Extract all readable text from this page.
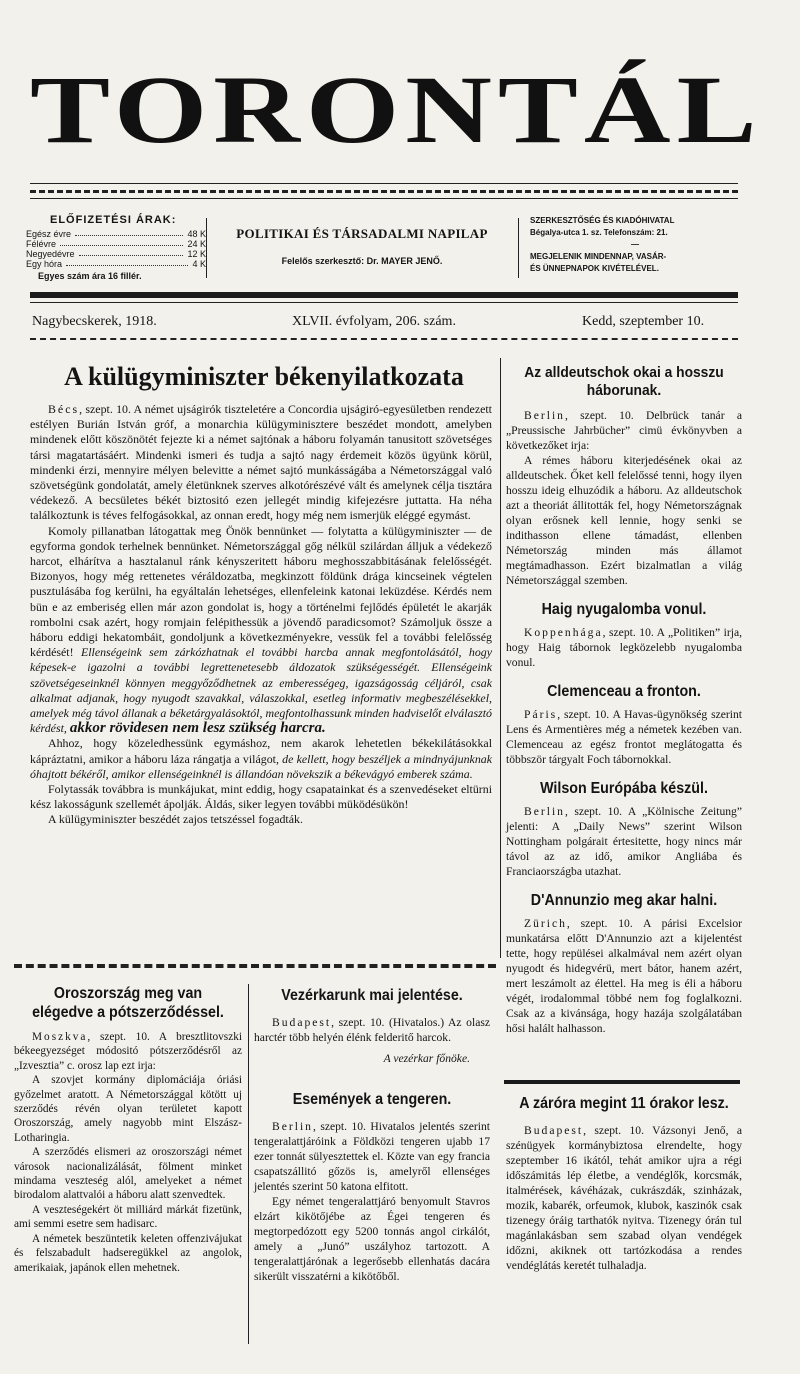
TORONTÁL
ELŐFIZETÉSI ÁRAK:
Egész évre	48 K
Félévre	24 K
Negyedévre	12 K
Egy hóra	4 K
Egyes szám ára 16 fillér.
POLITIKAI ÉS TÁRSADALMI NAPILAP
Felelős szerkesztő: Dr. MAYER JENŐ.
SZERKESZTŐSÉG ÉS KIADÓHIVATAL
Bégalya-utca 1. sz. Telefonszám: 21.
—
MEGJELENIK MINDENNAP, VASÁR-
ÉS ÜNNEPNAPOK KIVÉTELÉVEL.
Nagybecskerek, 1918.	XLVII. évfolyam, 206. szám.	Kedd, szeptember 10.
A külügyminiszter békenyilatkozata

Bécs, szept. 10. A német ujságirók tiszteletére a Concordia ujságiró-egyesületben rendezett estélyen Burián István gróf, a monarchia külügyminisztere beszédet mondott, amelyben mindenek előtt köszönötét fejezte ki a német sajtónak a háboru folyamán tanusitott szövetséges társi magatartásáért. Mindenki ismeri és tudja a sajtó nagy érdemeit közös ügyünk körül, mindenki érzi, mennyire mélyen belevitte a német sajtó munkásságába a Németországgal való szövetségünk gondolatát, amely életünknek szerves alkotórészévé vált és amelynek célja tisztára védekező. A becsületes békét biztositó ezen jellegét mindig kifejezésre juttatta. Ha néha találkoztunk is téves felfogásokkal, az onnan eredt, hogy még nem ismerjük eléggé egymást.

Komoly pillanatban látogattak meg Önök bennünket — folytatta a külügyminiszter — de egyforma gondok terhelnek bennünket. Németországgal gőg nélkül szilárdan álljuk a védekező harcot, elhárítva a hasztalanul ránk kényszeritett háboru meghosszabbitásának felelősségét. Bizonyos, hogy még rettenetes véráldozatba, megkinzott földünk drága kincseinek végtelen pusztulásába fog kerülni, ha egyáltalán lehetséges, ellenfeleink katonai leküzdése. Kérdés nem bün e az emberiség ellen már azon gondolat is, hogy a történelmi fejlődés épületét le akarják rombolni csak azért, hogy romjain felépithessük a jövendő paradicsomot? Számoljuk össze a háboru eddigi hekatombáit, gondoljunk a következményekre, vessük fel a további felelősség kérdését! Ellenségeink sem zárkózhatnak el további harcba annak megfontolásától, hogy képesek-e igazolni a további legrettenetesebb áldozatok szükségességét. Ellenségeink szövetségeseinknél könnyen meggyőződhetnek az emberességeg, igazságosság céljáról, csak alkalmat adjanak, hogy nyugodt szavakkal, válaszokkal, esetleg informativ megbeszélésekkel, amelyek még távol állanak a béketárgyalásoktól, megfontolhassunk minden hadviselőt elválasztó kérdést, akkor rövidesen nem lesz szükség harcra.

Ahhoz, hogy közeledhessünk egymáshoz, nem akarok lehetetlen békekilátásokkal kápráztatni, amikor a háboru láza rángatja a világot, de kellett, hogy beszéljek a mindnyájunknak óhajtott békéről, amikor ellenségeinknél is állandóan növekszik a békevágyó emberek száma.

Folytassák továbbra is munkájukat, mint eddig, hogy csapatainkat és a szenvedéseket eltürni kész lakosságunk szellemét ápolják. Áldás, siker legyen további müködésükön!

A külügyminiszter beszédét zajos tetszéssel fogadták.

Az alldeutschok okai a hosszu háborunak.

Berlin, szept. 10. Delbrück tanár a „Preussische Jahrbücher” cimü évkönyvben a következőket irja:

A rémes háboru kiterjedésének okai az alldeutschek. Őket kell felelőssé tenni, hogy ilyen hosszu ideig elhuzódik a háboru. Az alldeutschok azt a theoriát állitották fel, hogy Németországnak olyan erősnek kell lennie, hogy senki se indithasson ellene támadást, ellenben Németország minden más államot megtámadhasson. Ezért bizalmatlan a világ Németországgal szemben.

Haig nyugalomba vonul.

Koppenhága, szept. 10. A „Politiken” irja, hogy Haig tábornok legközelebb nyugalomba vonul.

Clemenceau a fronton.

Páris, szept. 10. A Havas-ügynökség szerint Lens és Armentières még a németek kezében van. Clemenceau az egész frontot meglátogatta és többször tárgyalt Foch tábornokkal.

Wilson Európába készül.

Berlin, szept. 10. A „Kölnische Zeitung” jelenti: A „Daily News” szerint Wilson Nottingham polgárait értesitette, hogy nincs már távol az az idő, amikor Angliába és Franciaországba utazhat.

D'Annunzio meg akar halni.

Zürich, szept. 10. A párisi Excelsior munkatársa előtt D'Annunzio azt a kijelentést tette, hogy repülései alkalmával nem azért olyan nyugodt és hidegvérü, mert bátor, hanem azért, mert leszámolt az élettel. Ha meg is éli a háboru végét, irodalommal többé nem fog foglalkozni. Csak az a kivánsága, hogy hazája szolgálatában hősi halált halhasson.

Oroszország meg van elégedve a pótszerződéssel.

Moszkva, szept. 10. A bresztlitovszki békeegyezséget módositó pótszerződésről az „Izvesztia” c. orosz lap ezt irja:

A szovjet kormány diplomáciája óriási győzelmet aratott. A Németországgal kötött uj szerződés révén olyan területet kapott Oroszország, amely nagyobb mint Elszász-Lotharingia.

A szerződés elismeri az oroszországi német városok nacionalizálását, fölment minket mindama veszteség alól, amelyeket a német birodalom alattvalói a háboru alatt szenvedtek.

A veszteségekért öt milliárd márkát fizetünk, ami semmi esetre sem hadisarc.

A németek beszüntetik keleten offenzivájukat és felszabadult hadseregükkel az angolok, amerikaiak, japánok ellen mehetnek.

Vezérkarunk mai jelentése.

Budapest, szept. 10. (Hivatalos.) Az olasz harctér több helyén élénk felderitő harcok.

A vezérkar főnöke.
Események a tengeren.

Berlin, szept. 10. Hivatalos jelentés szerint tengeralattjáróink a Földközi tengeren ujabb 17 ezer tonnát sülyesztettek el. Közte van egy francia csapatszállitó gőzös is, amelyről ellenséges jelentés szerint 50 katona elfitott.

Egy német tengeralattjáró benyomult Stavros elzárt kikötőjébe az Égei tengeren és megtorpedózott egy 5200 tonnás angol cirkálót, amely a „Junó” uszályhoz tartozott. A tengeralattjárónak a legerősebb ellenhatás dacára sikerült visszatérni a kikötőből.

A záróra megint 11 órakor lesz.

Budapest, szept. 10. Vázsonyi Jenő, a szénügyek kormánybiztosa elrendelte, hogy szeptember 16 ikától, tehát amikor ujra a régi időszámitás lép életbe, a vendéglők, korcsmák, italmérések, kávéházak, cukrászdák, szinházak, mozik, kabarék, orfeumok, klubok, kaszinók csak tizenegy óráig tarthatók nyitva. Tizenegy órán tul magánlakásban sem szabad olyan vendégek időzni, akiknek ott tartózkodása a rendes vendéglátás keretét tulhaladja.
